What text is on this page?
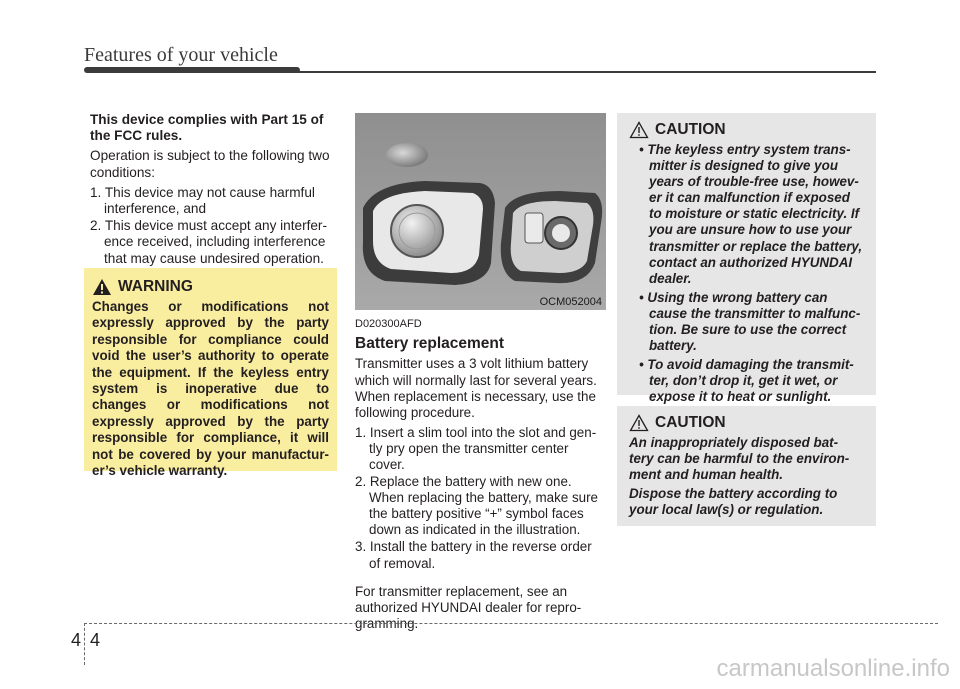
Features of your vehicle

This device complies with Part 15 of the FCC rules.

Operation is subject to the following two conditions:

1. This device may not cause harmful interference, and
2. This device must accept any interfer- ence received, including interference that may cause undesired operation.
WARNING
Changes or modifications not expressly approved by the party responsible for compliance could void the user’s authority to operate the equipment. If the keyless entry system is inoperative due to changes or modifications not expressly approved by the party responsible for compliance, it will not be covered by your manufactur- er’s vehicle warranty.
OCM052004

D020300AFD

Battery replacement

Transmitter uses a 3 volt lithium battery which will normally last for several years. When replacement is necessary, use the following procedure.

1. Insert a slim tool into the slot and gen- tly pry open the transmitter center cover.
2. Replace the battery with new one. When replacing the battery, make sure the battery positive “+” symbol faces down as indicated in the illustration.
3. Install the battery in the reverse order of removal.

For transmitter replacement, see an authorized HYUNDAI dealer for repro- gramming.

CAUTION
• The keyless entry system trans- mitter is designed to give you years of trouble-free use, howev- er it can malfunction if exposed to moisture or static electricity. If you are unsure how to use your transmitter or replace the battery, contact an authorized HYUNDAI dealer.
• Using the wrong battery can cause the transmitter to malfunc- tion. Be sure to use the correct battery.
• To avoid damaging the transmit- ter, don’t drop it, get it wet, or expose it to heat or sunlight.
CAUTION

An inappropriately disposed bat- tery can be harmful to the environ- ment and human health.

Dispose the battery according to your local law(s) or regulation.

4 4
carmanualsonline.info
